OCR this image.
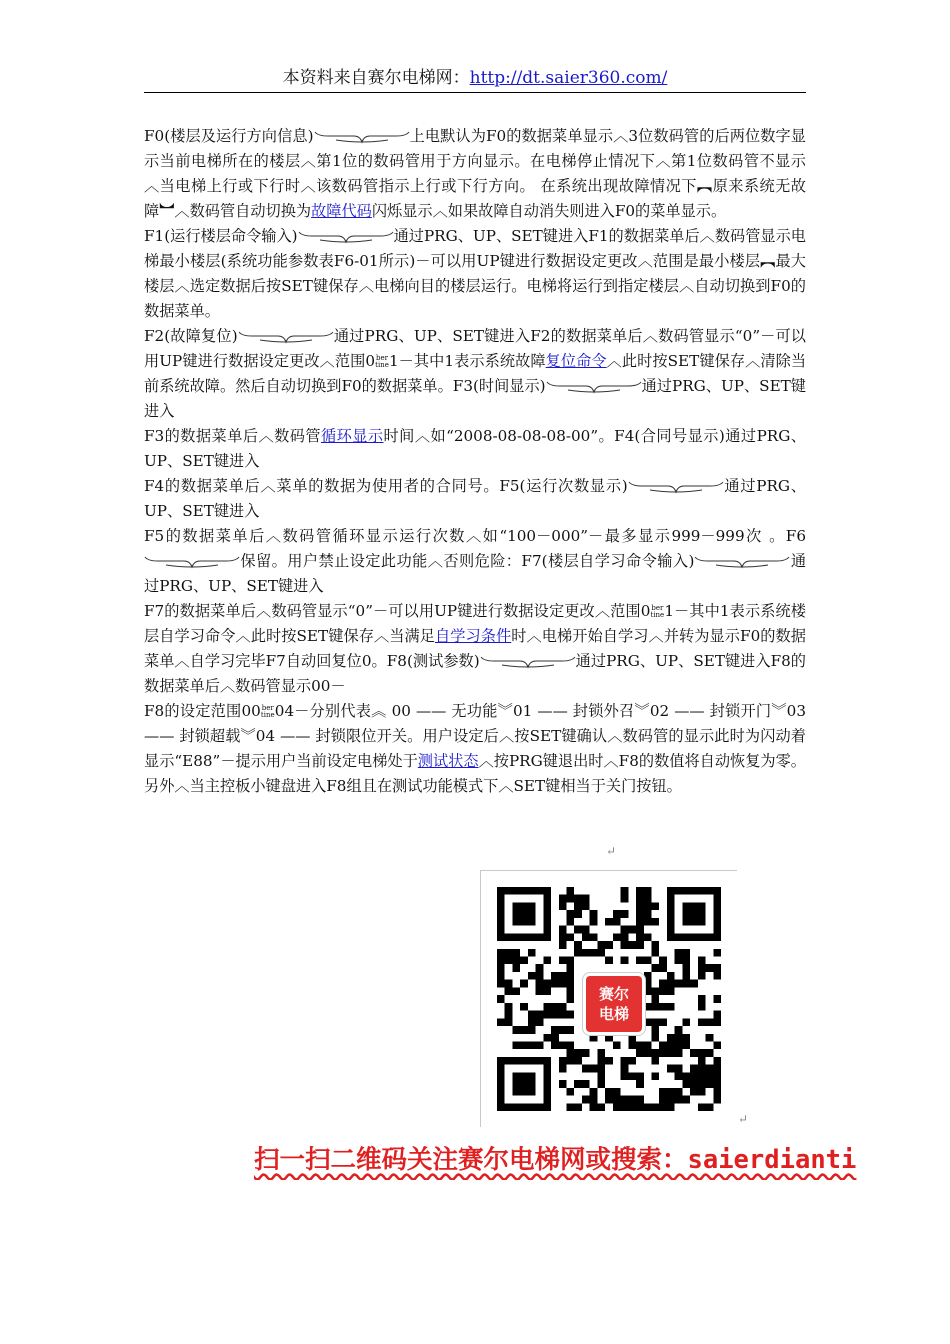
本资料来自赛尔电梯网：http://dt.saier360.com/

F0(楼层及运行方向信息)	上电默认为F0的数据菜单显示︿3位数码管的后两位数字显示当前电梯所在的楼层︿第1位的数码管用于方向显示。在电梯停止情况下︿第1位数码管不显示︿当电梯上行或下行时︿该数码管指示上行或下行方向。 在系统出现故障情况下︻原来系统无故障︼︿数码管自动切换为故障代码闪烁显示︿如果故障自动消失则进入F0的菜单显示。

F1(运行楼层命令输入)	通过PRG、UP、SET键进入F1的数据菜单后︿数码管显示电梯最小楼层(系统功能参数表F6-01所示)－可以用UP键进行数据设定更改︿范围是最小楼层︻最大楼层︿选定数据后按SET键保存︿电梯向目的楼层运行。电梯将运行到指定楼层︿自动切换到F0的数据菜单。

F2(故障复位)	通过PRG、UP、SET键进入F2的数据菜单后︿数码管显示“0”－可以用UP键进行数据设定更改︿范围0 ber
tine 1－其中1表示系统故障复位命令︿此时按SET键保存︿清除当前系统故障。然后自动切换到F0的数据菜单。F3(时间显示)	通过PRG、UP、SET键进入

F3的数据菜单后︿数码管循环显示时间︿如“2008-08-08-08-00”。F4(合同号显示)通过PRG、UP、SET键进入

F4的数据菜单后︿菜单的数据为使用者的合同号。F5(运行次数显示)	通过PRG、UP、SET键进入

F5的数据菜单后︿数码管循环显示运行次数︿如“100－000”－最多显示999－999次 。F6保留。用户禁止设定此功能︿否则危险：F7(楼层自学习命令输入)	通过PRG、UP、SET键进入

F7的数据菜单后︿数码管显示“0”－可以用UP键进行数据设定更改︿范围0 ber
tine 1－其中1表示系统楼层自学习命令︿此时按SET键保存︿当满足自学习条件时︿电梯开始自学习︿并转为显示F0的数据菜单︿自学习完毕F7自动回复位0。F8(测试参数)	通过PRG、UP、SET键进入F8的数据菜单后︿数码管显示00－

F8的设定范围00 ber
tine 04－分别代表︽ 00 —— 无功能︾01 —— 封锁外召︾02 —— 封锁开门︾03 —— 封锁超载︾04 —— 封锁限位开关。用户设定后︿按SET键确认︿数码管的显示此时为闪动着显示“E88”－提示用户当前设定电梯处于测试状态︿按PRG键退出时︿F8的数值将自动恢复为零。另外︿当主控板小键盘进入F8组且在测试功能模式下︿SET键相当于关门按钮。

↵
赛尔
电梯
↵
扫一扫二维码关注赛尔电梯网或搜索：saierdianti
